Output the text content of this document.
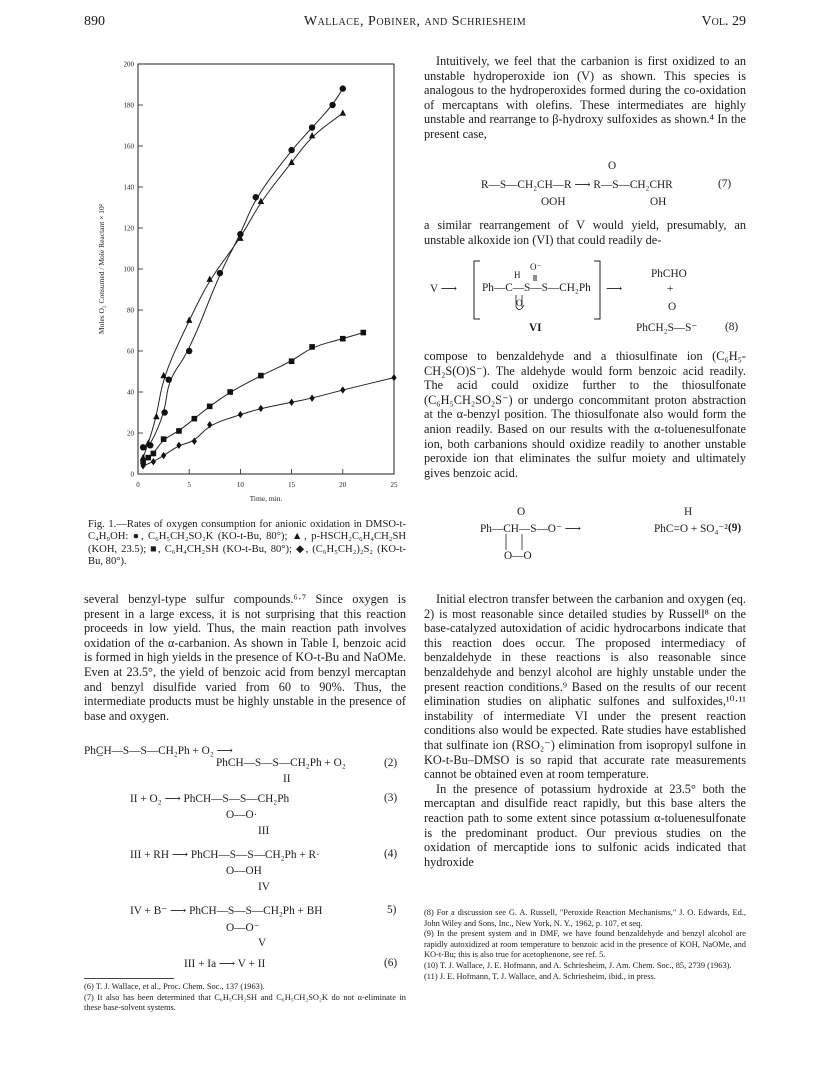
890	Wallace, Pobiner, and Schriesheim	Vol. 29
0
20
40
60
80
100
120
140
160
180
200
0	5	10	15	20	25
Time, min.
Moles O₂ Consumed / Mole Reactant × 10²
Fig. 1.—Rates of oxygen consumption for anionic oxidation in DMSO-t-C₄H₉OH: ●, C₆H₅CH₂SO₂K (KO-t-Bu, 80°); ▲, p-HSCH₂C₆H₄CH₂SH (KOH, 23.5); ■, C₆H₄CH₂SH (KO-t-Bu, 80°); ◆, (C₆H₅CH₂)₂S₂ (KO-t-Bu, 80°).

several benzyl-type sulfur compounds.⁶·⁷ Since oxygen is present in a large excess, it is not surprising that this reaction proceeds in low yield. Thus, the main reaction path involves oxidation of the α-carbanion. As shown in Table I, benzoic acid is formed in high yields in the presence of KO-t-Bu and NaOMe. Even at 23.5°, the yield of benzoic acid from benzyl mercaptan and benzyl disulfide varied from 60 to 90%. Thus, the intermediate products must be highly unstable in the presence of base and oxygen.

PhC̲H—S—S—CH₂Ph + O₂ ⟶
PhCH—S—S—CH₂Ph + O₂	(2)
II
II + O₂ ⟶ PhCH—S—S—CH₂Ph
O—O·
(3)
III
III + RH ⟶ PhCH—S—S—CH₂Ph + R·
O—OH
(4)
IV
IV + B⁻ ⟶ PhCH—S—S—CH₂Ph + BH
O—O⁻
5)
V
III + Ia ⟶ V + II	(6)
(6) T. J. Wallace, et al., Proc. Chem. Soc., 137 (1963).
(7) It also has been determined that C₆H₅CH₂SH and C₆H₅CH₂SO₂K do not α-eliminate in these base-solvent systems.

Intuitively, we feel that the carbanion is first oxidized to an unstable hydroperoxide ion (V) as shown. This species is analogous to the hydroperoxides formed during the co-oxidation of mercaptans with olefins. These intermediates are highly unstable and rearrange to β-hydroxy sulfoxides as shown.⁴ In the present case,

O
R—S—CH₂CH—R ⟶ R—S—CH₂CHR
OOH	OH
(7)

a similar rearrangement of V would yield, presumably, an unstable alkoxide ion (VI) that could readily de-

V ⟶ Ph—C—S—S—CH₂Ph
H
O⁻
O
VI
⟶
PhCHO
+
O
PhCH₂S—S⁻ (8)

compose to benzaldehyde and a thiosulfinate ion (C₆H₅-CH₂S(O)S⁻). The aldehyde would form benzoic acid readily. The acid could oxidize further to the thiosulfonate (C₆H₅CH₂SO₂S⁻) or undergo concommitant proton abstraction at the α-benzyl position. The thiosulfonate also would form the anion readily. Based on our results with the α-toluenesulfonate ion, both carbanions should oxidize readily to another unstable peroxide ion that eliminates the sulfur moiety and ultimately gives benzoic acid.

O	H
Ph—CH—S—O⁻ ⟶
O—O
PhC=O + SO₄⁻² (9)

Initial electron transfer between the carbanion and oxygen (eq. 2) is most reasonable since detailed studies by Russell⁸ on the base-catalyzed autoxidation of acidic hydrocarbons indicate that this reaction does occur. The proposed intermediacy of benzaldehyde in these reactions is also reasonable since benzaldehyde and benzyl alcohol are highly unstable under the present reaction conditions.⁹ Based on the results of our recent elimination studies on aliphatic sulfones and sulfoxides,¹⁰·¹¹ instability of intermediate VI under the present reaction conditions also would be expected. Rate studies have established that sulfinate ion (RSO₂⁻) elimination from isopropyl sulfone in KO-t-Bu–DMSO is so rapid that accurate rate measurements cannot be obtained even at room temperature.

In the presence of potassium hydroxide at 23.5° both the mercaptan and disulfide react rapidly, but this base alters the reaction path to some extent since potassium α-toluenesulfonate is the predominant product. Our previous studies on the oxidation of mercaptide ions to sulfonic acids indicated that hydroxide

(8) For a discussion see G. A. Russell, "Peroxide Reaction Mechanisms," J. O. Edwards, Ed., John Wiley and Sons, Inc., New York, N. Y., 1962, p. 107, et seq.
(9) In the present system and in DMF, we have found benzaldehyde and benzyl alcohol are rapidly autoxidized at room temperature to benzoic acid in the presence of KOH, NaOMe, and KO-t-Bu; this is also true for acetophenone, see ref. 5.
(10) T. J. Wallace, J. E. Hofmann, and A. Schriesheim, J. Am. Chem. Soc., 85, 2739 (1963).
(11) J. E. Hofmann, T. J. Wallace, and A. Schriesheim, ibid., in press.
